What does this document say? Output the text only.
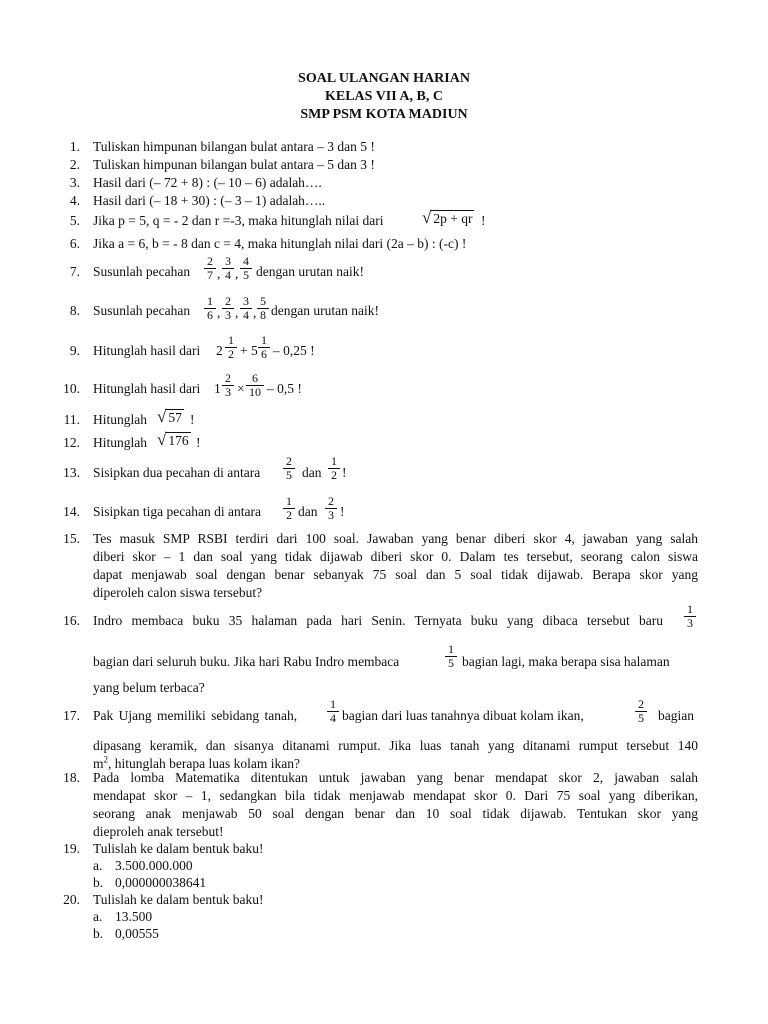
SOAL ULANGAN HARIAN
KELAS VII A, B, C
SMP PSM KOTA MADIUN
1. Tuliskan himpunan bilangan bulat antara – 3 dan 5 !
2. Tuliskan himpunan bilangan bulat antara – 5 dan 3 !
3. Hasil dari (– 72 + 8) : (– 10 – 6) adalah….
4. Hasil dari (– 18 + 30) : (– 3 – 1) adalah…..
5. Jika p = 5, q = - 2 dan r =-3, maka hitunglah nilai dari √ 2p + qr !
6. Jika a = 6, b = - 8 dan c = 4, maka hitunglah nilai dari (2a – b) : (-c) !
7. Susunlah pecahan $\frac{2}{7}$ , $\frac{3}{4}$ , $\frac{4}{5}$ dengan urutan naik!
8. Susunlah pecahan $\frac{1}{6}$ , $\frac{2}{3}$ , $\frac{3}{4}$ , $\frac{5}{8}$ dengan urutan naik!
9. Hitunglah hasil dari $2 \frac{1}{2} + 5 \frac{1}{6} - 0,25$ !
10. Hitunglah hasil dari $1 \frac{2}{3} \times \frac{6}{10} - 0,5$ !
11. Hitunglah √ 57 !
12. Hitunglah √ 176 !
13. Sisipkan dua pecahan di antara $\frac{2}{5}$ dan $\frac{1}{2}$ !
14. Sisipkan tiga pecahan di antara $\frac{1}{2}$ dan $\frac{2}{3}$ !
15. Tes masuk SMP RSBI terdiri dari 100 soal. Jawaban yang benar diberi skor 4, jawaban yang salah
diberi skor – 1 dan soal yang tidak dijawab diberi skor 0. Dalam tes tersebut, seorang calon siswa
dapat menjawab soal dengan benar sebanyak 75 soal dan 5 soal tidak dijawab. Berapa skor yang
diperoleh calon siswa tersebut?
16. Indro membaca buku 35 halaman pada hari Senin. Ternyata buku yang dibaca tersebut baru $\frac{1}{3}$
bagian dari seluruh buku. Jika hari Rabu Indro membaca	$\frac{1}{5}$ bagian lagi, maka berapa sisa halaman
yang belum terbaca?
17. Pak Ujang memiliki sebidang tanah, $\frac{1}{4}$ bagian dari luas tanahnya dibuat kolam ikan,	$\frac{2}{5}$ bagian
dipasang keramik, dan sisanya ditanami rumput. Jika luas tanah yang ditanami rumput tersebut 140
$m^2$, hitunglah berapa luas kolam ikan?
18. Pada lomba Matematika ditentukan untuk jawaban yang benar mendapat skor 2, jawaban salah
mendapat skor – 1, sedangkan bila tidak menjawab mendapat skor 0. Dari 75 soal yang diberikan,
seorang anak menjawab 50 soal dengan benar dan 10 soal tidak dijawab. Tentukan skor yang
dieproleh anak tersebut!
19. Tulislah ke dalam bentuk baku!
a. 3.500.000.000
b. 0,000000038641
20. Tulislah ke dalam bentuk baku!
a. 13.500
b. 0,00555
